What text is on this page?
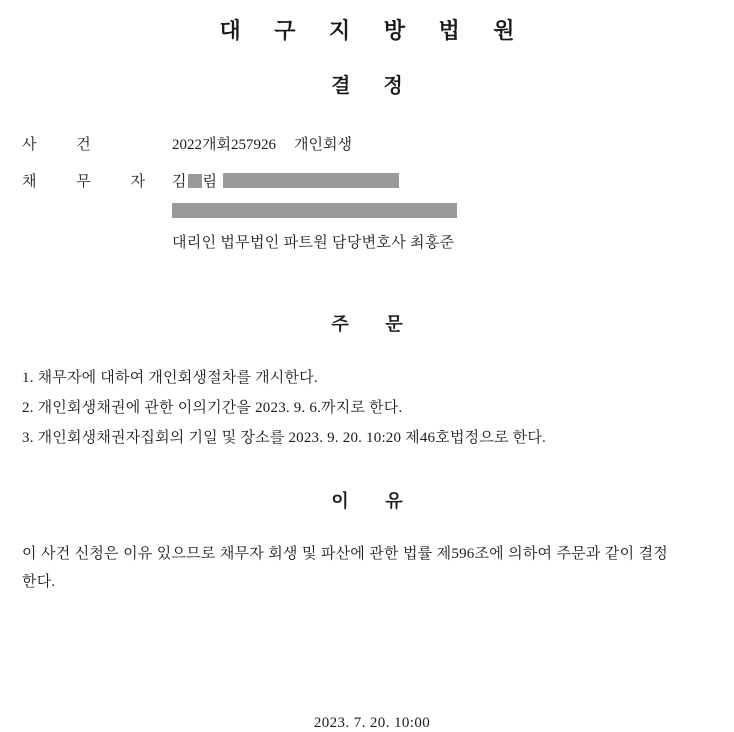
대 구 지 방 법 원
결 정
사 건	2022개회257926 개인회생
채 무 자 김 림
대리인 법무법인 파트원 담당변호사 최홍준
주 문
1. 채무자에 대하여 개인회생절차를 개시한다.
2. 개인회생채권에 관한 이의기간을 2023. 9. 6.까지로 한다.
3. 개인회생채권자집회의 기일 및 장소를 2023. 9. 20. 10:20 제46호법정으로 한다.
이 유
이 사건 신청은 이유 있으므로 채무자 회생 및 파산에 관한 법률 제596조에 의하여 주문과 같이 결정한다.
2023. 7. 20. 10:00
